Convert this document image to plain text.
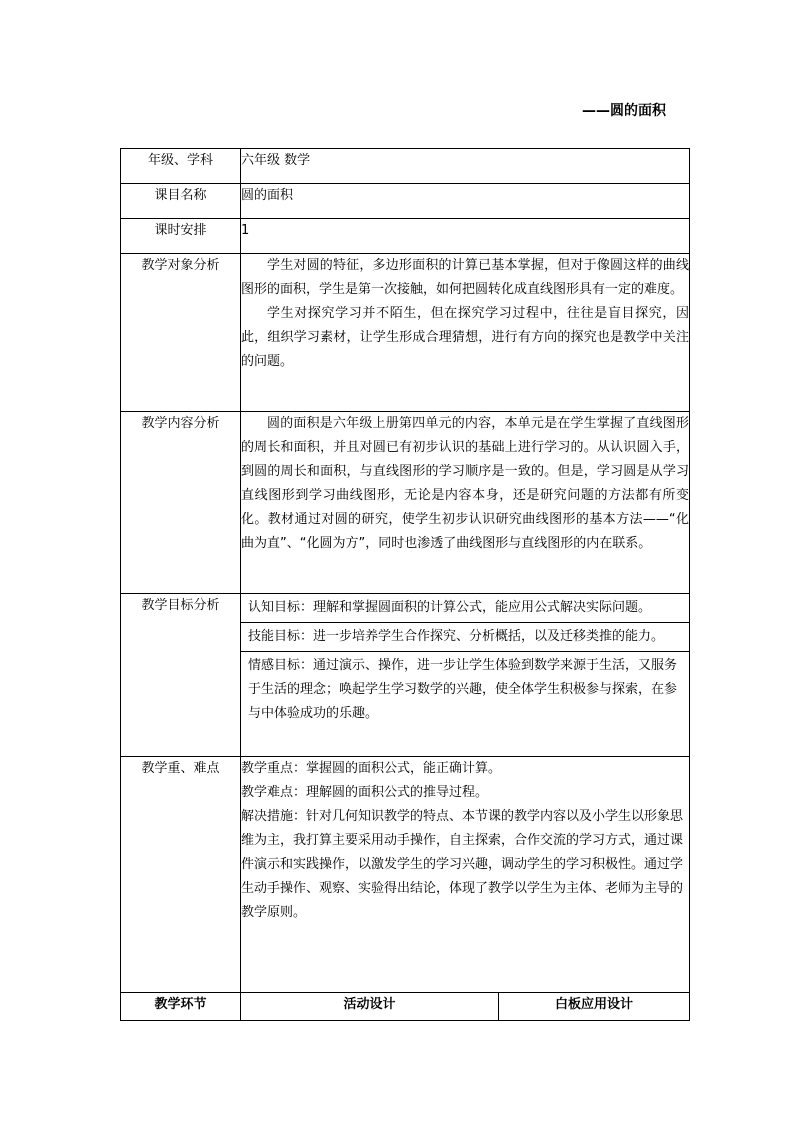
——圆的面积
年级、学科	六年级 数学	
课目名称	圆的面积	
课时安排	1	
教学对象分析	学生对圆的特征，多边形面积的计算已基本掌握，但对于像圆这样的曲线图形的面积，学生是第一次接触，如何把圆转化成直线图形具有一定的难度。

学生对探究学习并不陌生，但在探究学习过程中，往往是盲目探究，因此，组织学习素材，让学生形成合理猜想，进行有方向的探究也是教学中关注的问题。	

教学内容分析	圆的面积是六年级上册第四单元的内容，本单元是在学生掌握了直线图形的周长和面积，并且对圆已有初步认识的基础上进行学习的。从认识圆入手，到圆的周长和面积，与直线图形的学习顺序是一致的。但是，学习圆是从学习直线图形到学习曲线图形，无论是内容本身，还是研究问题的方法都有所变化。教材通过对圆的研究，使学生初步认识研究曲线图形的基本方法——“化曲为直”、“化圆为方”，同时也渗透了曲线图形与直线图形的内在联系。	

教学目标分析	认知目标：理解和掌握圆面积的计算公式，能应用公式解决实际问题。
技能目标：进一步培养学生合作探究、分析概括，以及迁移类推的能力。
情感目标：通过演示、操作，进一步让学生体验到数学来源于生活，又服务于生活的理念；唤起学生学习数学的兴趣，使全体学生积极参与探索，在参与中体验成功的乐趣。	

教学重、难点	教学重点：掌握圆的面积公式，能正确计算。

教学难点：理解圆的面积公式的推导过程。

解决措施：针对几何知识教学的特点、本节课的教学内容以及小学生以形象思维为主，我打算主要采用动手操作，自主探索，合作交流的学习方式，通过课件演示和实践操作，以激发学生的学习兴趣，调动学生的学习积极性。通过学生动手操作、观察、实验得出结论，体现了教学以学生为主体、老师为主导的教学原则。	

教学环节	活动设计	白板应用设计
